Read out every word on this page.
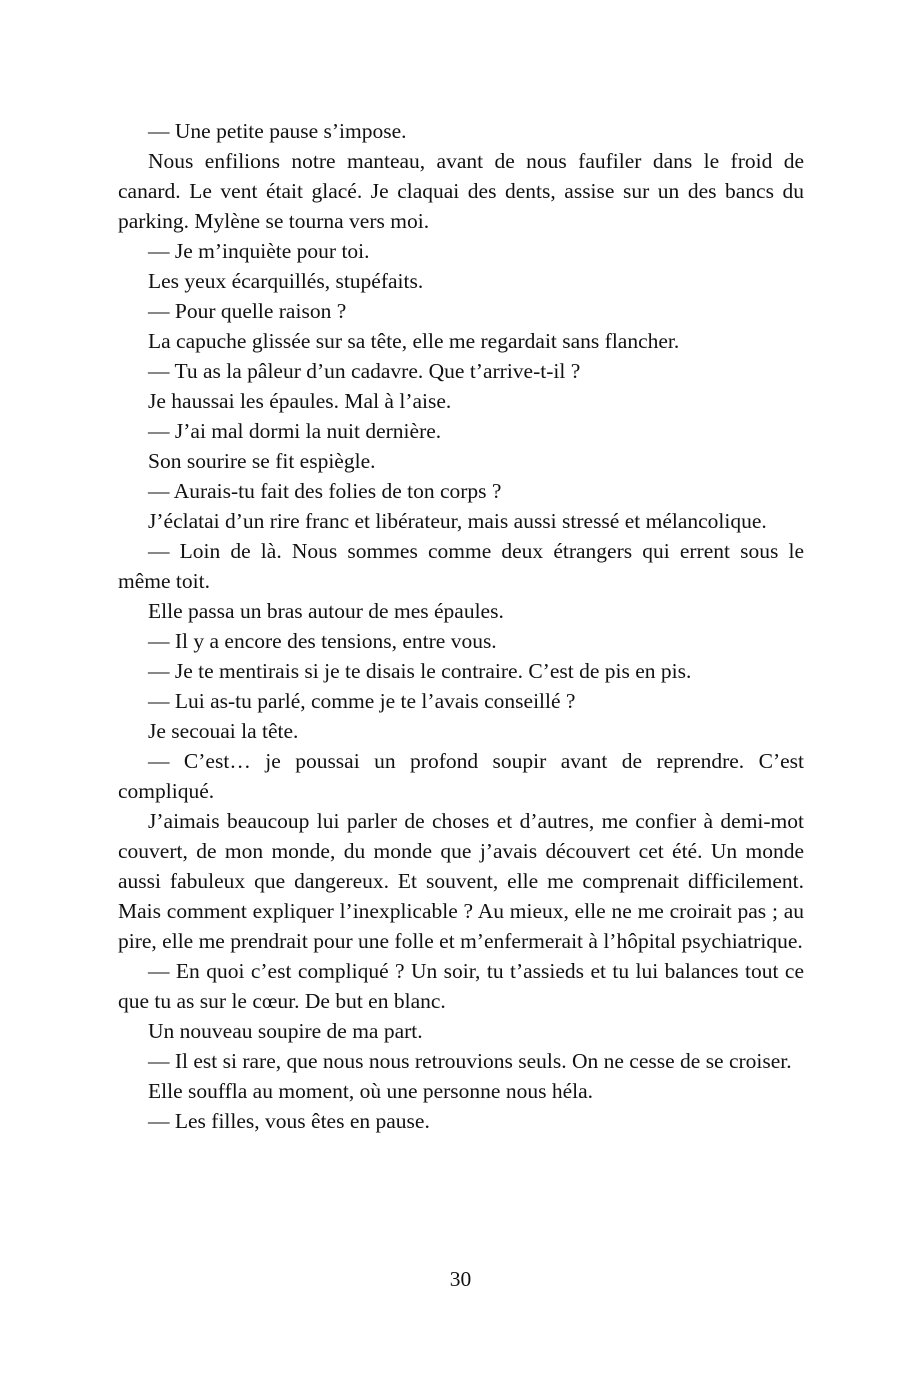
— Une petite pause s’impose.

Nous enfilions notre manteau, avant de nous faufiler dans le froid de canard. Le vent était glacé. Je claquai des dents, assise sur un des bancs du parking. Mylène se tourna vers moi.

— Je m’inquiète pour toi.

Les yeux écarquillés, stupéfaits.

— Pour quelle raison ?

La capuche glissée sur sa tête, elle me regardait sans flancher.

— Tu as la pâleur d’un cadavre. Que t’arrive-t-il ?

Je haussai les épaules. Mal à l’aise.

— J’ai mal dormi la nuit dernière.

Son sourire se fit espiègle.

— Aurais-tu fait des folies de ton corps ?

J’éclatai d’un rire franc et libérateur, mais aussi stressé et mélancolique.

— Loin de là. Nous sommes comme deux étrangers qui errent sous le même toit.

Elle passa un bras autour de mes épaules.

— Il y a encore des tensions, entre vous.

— Je te mentirais si je te disais le contraire. C’est de pis en pis.

— Lui as-tu parlé, comme je te l’avais conseillé ?

Je secouai la tête.

— C’est… je poussai un profond soupir avant de reprendre. C’est compliqué.

J’aimais beaucoup lui parler de choses et d’autres, me confier à demi-mot couvert, de mon monde, du monde que j’avais découvert cet été. Un monde aussi fabuleux que dangereux. Et souvent, elle me comprenait difficilement. Mais comment expliquer l’inexplicable ? Au mieux, elle ne me croirait pas ; au pire, elle me prendrait pour une folle et m’enfermerait à l’hôpital psychiatrique.

— En quoi c’est compliqué ? Un soir, tu t’assieds et tu lui balances tout ce que tu as sur le cœur. De but en blanc.

Un nouveau soupire de ma part.

— Il est si rare, que nous nous retrouvions seuls. On ne cesse de se croiser.

Elle souffla au moment, où une personne nous héla.

— Les filles, vous êtes en pause.

30
